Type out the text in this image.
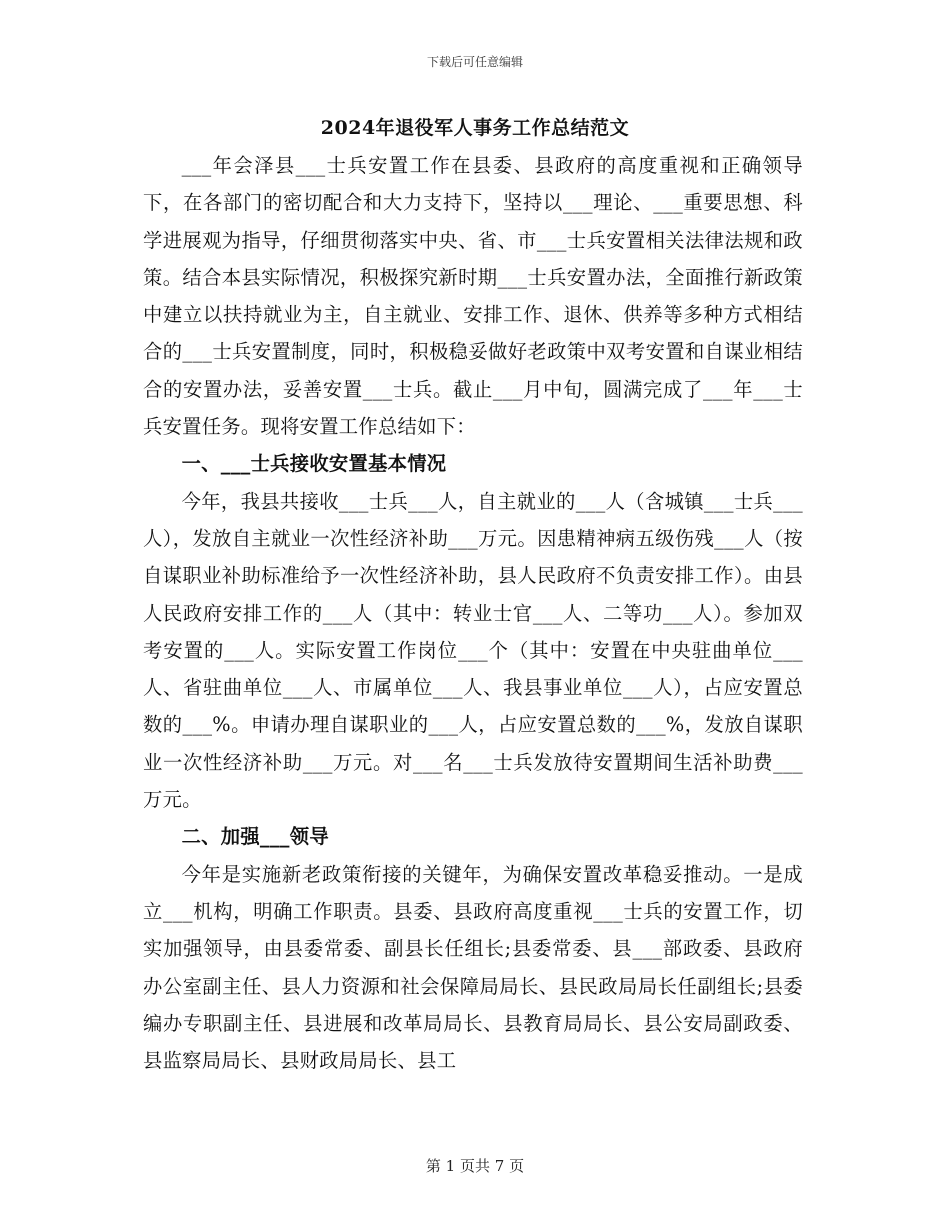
下载后可任意编辑
2024年退役军人事务工作总结范文

___年会泽县___士兵安置工作在县委、县政府的高度重视和正确领导下，在各部门的密切配合和大力支持下，坚持以___理论、___重要思想、科学进展观为指导，仔细贯彻落实中央、省、市___士兵安置相关法律法规和政策。结合本县实际情况，积极探究新时期___士兵安置办法，全面推行新政策中建立以扶持就业为主，自主就业、安排工作、退休、供养等多种方式相结合的___士兵安置制度，同时，积极稳妥做好老政策中双考安置和自谋业相结合的安置办法，妥善安置___士兵。截止___月中旬，圆满完成了___年___士兵安置任务。现将安置工作总结如下：

一、___士兵接收安置基本情况

今年，我县共接收___士兵___人，自主就业的___人（含城镇___士兵___人），发放自主就业一次性经济补助___万元。因患精神病五级伤残___人（按自谋职业补助标准给予一次性经济补助，县人民政府不负责安排工作）。由县人民政府安排工作的___人（其中：转业士官___人、二等功___人）。参加双考安置的___人。实际安置工作岗位___个（其中：安置在中央驻曲单位___人、省驻曲单位___人、市属单位___人、我县事业单位___人），占应安置总数的___%。申请办理自谋职业的___人，占应安置总数的___%，发放自谋职业一次性经济补助___万元。对___名___士兵发放待安置期间生活补助费___万元。

二、加强___领导

今年是实施新老政策衔接的关键年，为确保安置改革稳妥推动。一是成立___机构，明确工作职责。县委、县政府高度重视___士兵的安置工作，切实加强领导，由县委常委、副县长任组长;县委常委、县___部政委、县政府办公室副主任、县人力资源和社会保障局局长、县民政局局长任副组长;县委编办专职副主任、县进展和改革局局长、县教育局局长、县公安局副政委、县监察局局长、县财政局局长、县工

第 1 页共 7 页
